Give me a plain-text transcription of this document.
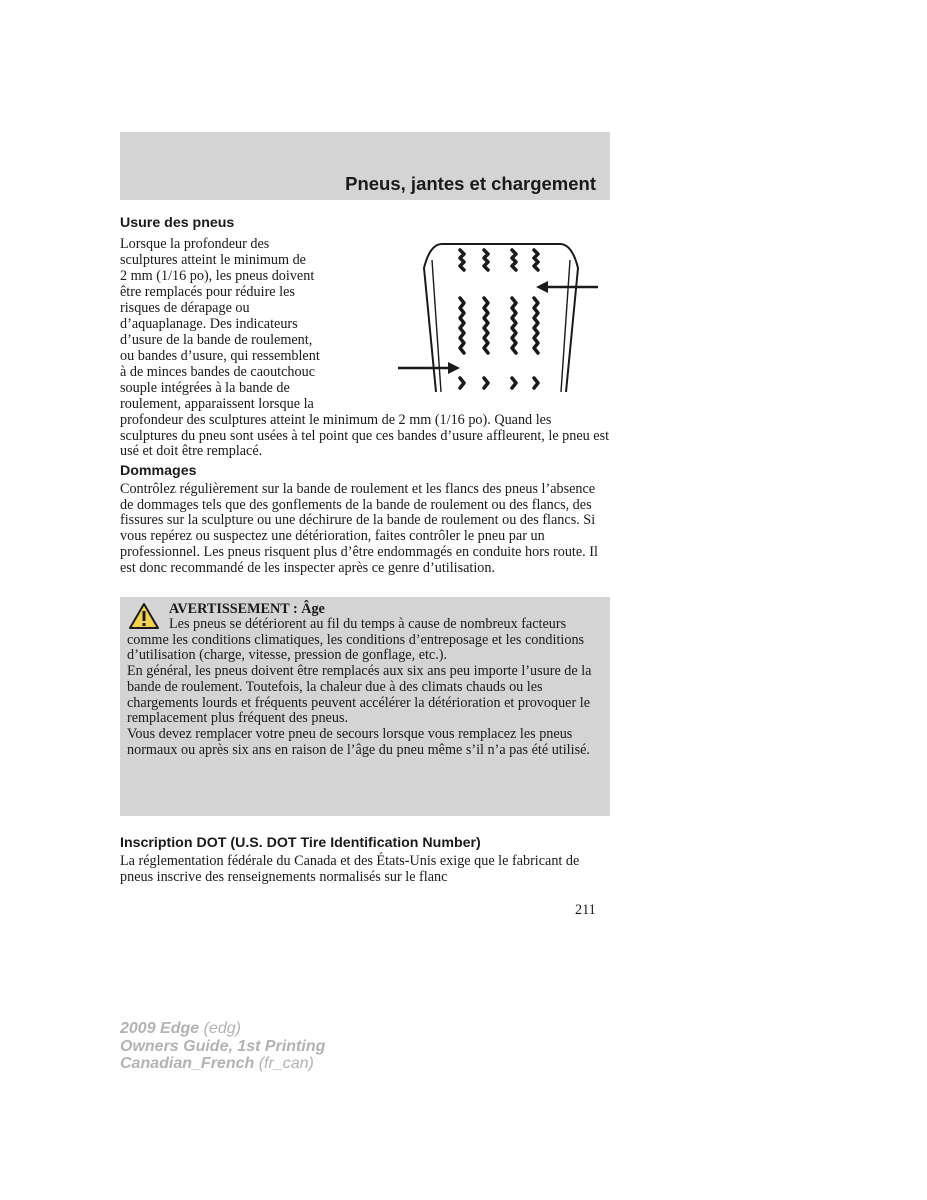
Pneus, jantes et chargement
Usure des pneus
Lorsque la profondeur des
sculptures atteint le minimum de
2 mm (1/16 po), les pneus doivent
être remplacés pour réduire les
risques de dérapage ou
d’aquaplanage. Des indicateurs
d’usure de la bande de roulement,
ou bandes d’usure, qui ressemblent
à de minces bandes de caoutchouc
souple intégrées à la bande de
roulement, apparaissent lorsque la

profondeur des sculptures atteint le minimum de 2 mm (1/16 po). Quand les sculptures du pneu sont usées à tel point que ces bandes d’usure affleurent, le pneu est usé et doit être remplacé.

Dommages

Contrôlez régulièrement sur la bande de roulement et les flancs des pneus l’absence de dommages tels que des gonflements de la bande de roulement ou des flancs, des fissures sur la sculpture ou une déchirure de la bande de roulement ou des flancs. Si vous repérez ou suspectez une détérioration, faites contrôler le pneu par un professionnel. Les pneus risquent plus d’être endommagés en conduite hors route. Il est donc recommandé de les inspecter après ce genre d’utilisation.

AVERTISSEMENT : Âge

Les pneus se détériorent au fil du temps à cause de nombreux facteurs comme les conditions climatiques, les conditions d’entreposage et les conditions d’utilisation (charge, vitesse, pression de gonflage, etc.).
En général, les pneus doivent être remplacés aux six ans peu importe l’usure de la bande de roulement. Toutefois, la chaleur due à des climats chauds ou les chargements lourds et fréquents peuvent accélérer la détérioration et provoquer le remplacement plus fréquent des pneus.
Vous devez remplacer votre pneu de secours lorsque vous remplacez les pneus normaux ou après six ans en raison de l’âge du pneu même s’il n’a pas été utilisé.

Inscription DOT (U.S. DOT Tire Identification Number)

La réglementation fédérale du Canada et des États-Unis exige que le fabricant de pneus inscrive des renseignements normalisés sur le flanc

211
2009 Edge (edg)
Owners Guide, 1st Printing
Canadian_French (fr_can)
